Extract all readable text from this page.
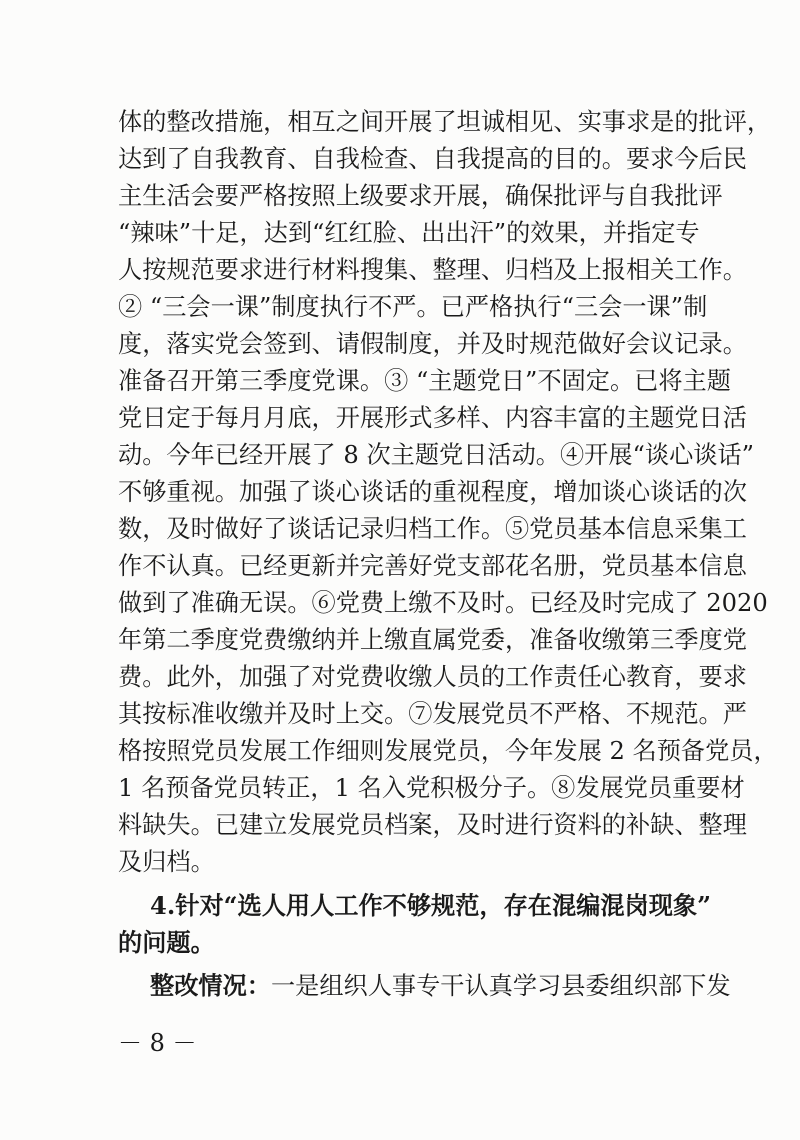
体的整改措施，相互之间开展了坦诚相见、实事求是的批评，
达到了自我教育、自我检查、自我提高的目的。要求今后民
主生活会要严格按照上级要求开展，确保批评与自我批评
“辣味”十足，达到“红红脸、出出汗”的效果，并指定专
人按规范要求进行材料搜集、整理、归档及上报相关工作。
② “三会一课”制度执行不严。已严格执行“三会一课”制
度，落实党会签到、请假制度，并及时规范做好会议记录。
准备召开第三季度党课。③ “主题党日”不固定。已将主题
党日定于每月月底，开展形式多样、内容丰富的主题党日活
动。今年已经开展了 8 次主题党日活动。④开展“谈心谈话”
不够重视。加强了谈心谈话的重视程度，增加谈心谈话的次
数，及时做好了谈话记录归档工作。⑤党员基本信息采集工
作不认真。已经更新并完善好党支部花名册，党员基本信息
做到了准确无误。⑥党费上缴不及时。已经及时完成了 2020
年第二季度党费缴纳并上缴直属党委，准备收缴第三季度党
费。此外，加强了对党费收缴人员的工作责任心教育，要求
其按标准收缴并及时上交。⑦发展党员不严格、不规范。严
格按照党员发展工作细则发展党员，今年发展 2 名预备党员，
1 名预备党员转正，1 名入党积极分子。⑧发展党员重要材
料缺失。已建立发展党员档案，及时进行资料的补缺、整理
及归档。
4.针对“选人用人工作不够规范，存在混编混岗现象”
的问题。
整改情况：一是组织人事专干认真学习县委组织部下发
－ 8 －
